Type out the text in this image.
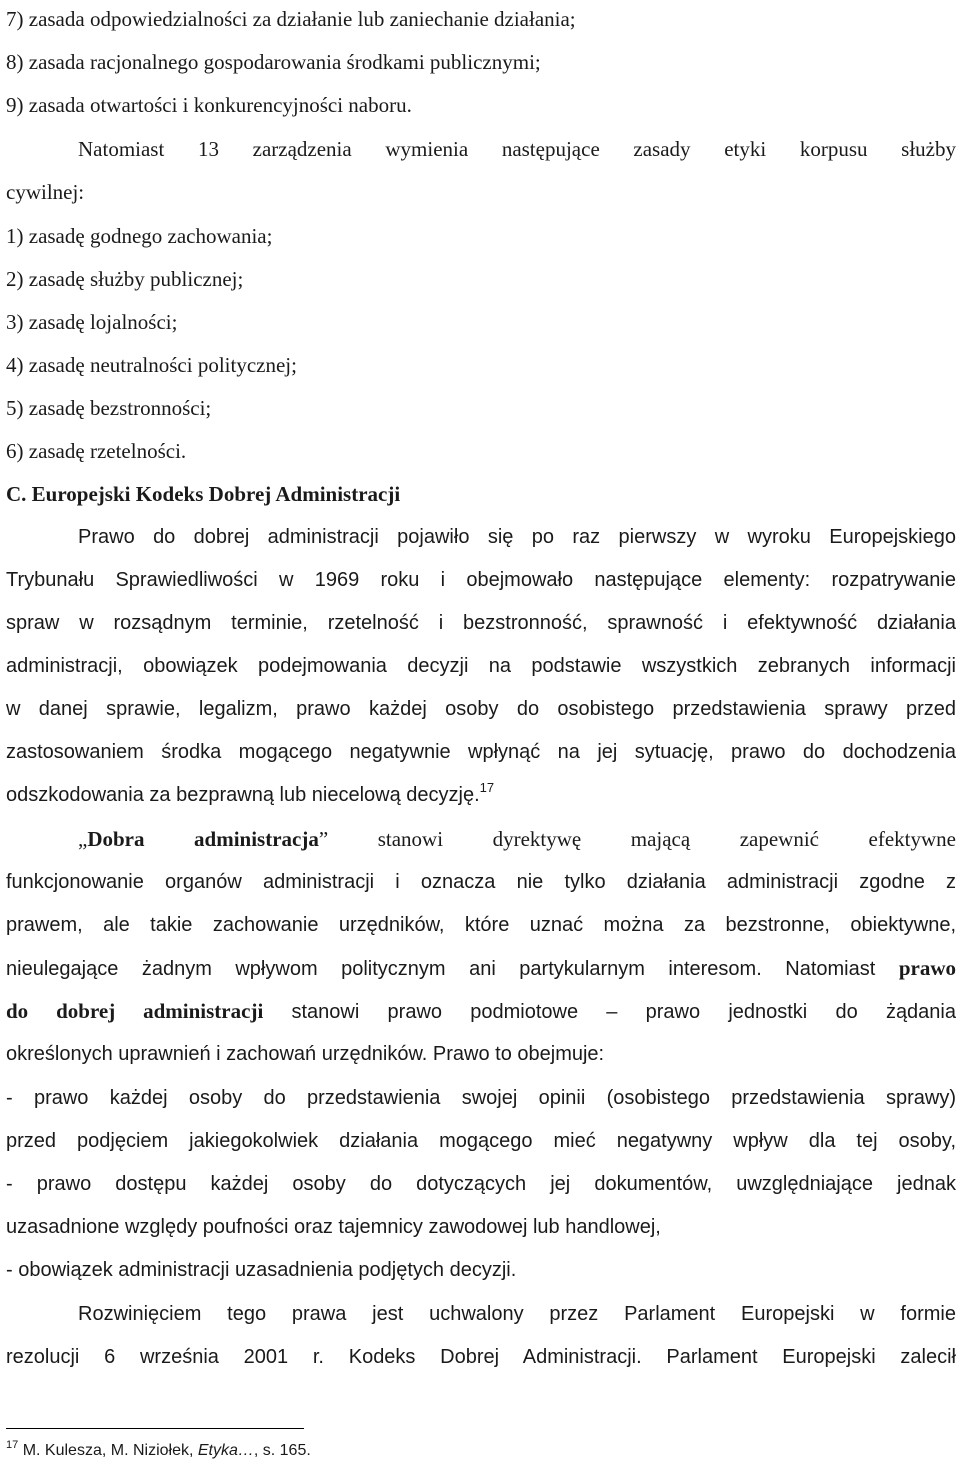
7) zasada odpowiedzialności za działanie lub zaniechanie działania;
8) zasada racjonalnego gospodarowania środkami publicznymi;
9) zasada otwartości i konkurencyjności naboru.
Natomiast 13 zarządzenia wymienia następujące zasady etyki korpusu służby
cywilnej:
1) zasadę godnego zachowania;
2) zasadę służby publicznej;
3) zasadę lojalności;
4) zasadę neutralności politycznej;
5) zasadę bezstronności;
6) zasadę rzetelności.
C. Europejski Kodeks Dobrej Administracji
Prawo do dobrej administracji pojawiło się po raz pierwszy w wyroku Europejskiego
Trybunału Sprawiedliwości w 1969 roku i obejmowało następujące elementy: rozpatrywanie
spraw w rozsądnym terminie, rzetelność i bezstronność, sprawność i efektywność działania
administracji, obowiązek podejmowania decyzji na podstawie wszystkich zebranych informacji
w danej sprawie, legalizm, prawo każdej osoby do osobistego przedstawienia sprawy przed
zastosowaniem środka mogącego negatywnie wpłynąć na jej sytuację, prawo do dochodzenia
odszkodowania za bezprawną lub niecelową decyzję.$^{17}$
„Dobra administracja” stanowi dyrektywę mającą zapewnić efektywne
funkcjonowanie organów administracji i oznacza nie tylko działania administracji zgodne z
prawem, ale takie zachowanie urzędników, które uznać można za bezstronne, obiektywne,
nieulegające żadnym wpływom politycznym ani partykularnym interesom. Natomiast prawo
do dobrej administracji stanowi prawo podmiotowe – prawo jednostki do żądania
określonych uprawnień i zachowań urzędników. Prawo to obejmuje:
- prawo każdej osoby do przedstawienia swojej opinii (osobistego przedstawienia sprawy)
przed podjęciem jakiegokolwiek działania mogącego mieć negatywny wpływ dla tej osoby,
- prawo dostępu każdej osoby do dotyczących jej dokumentów, uwzględniające jednak
uzasadnione względy poufności oraz tajemnicy zawodowej lub handlowej,
- obowiązek administracji uzasadnienia podjętych decyzji.
Rozwinięciem tego prawa jest uchwalony przez Parlament Europejski w formie
rezolucji 6 września 2001 r. Kodeks Dobrej Administracji. Parlament Europejski zalecił
$^{17}$ M. Kulesza, M. Niziołek, Etyka…, s. 165.
